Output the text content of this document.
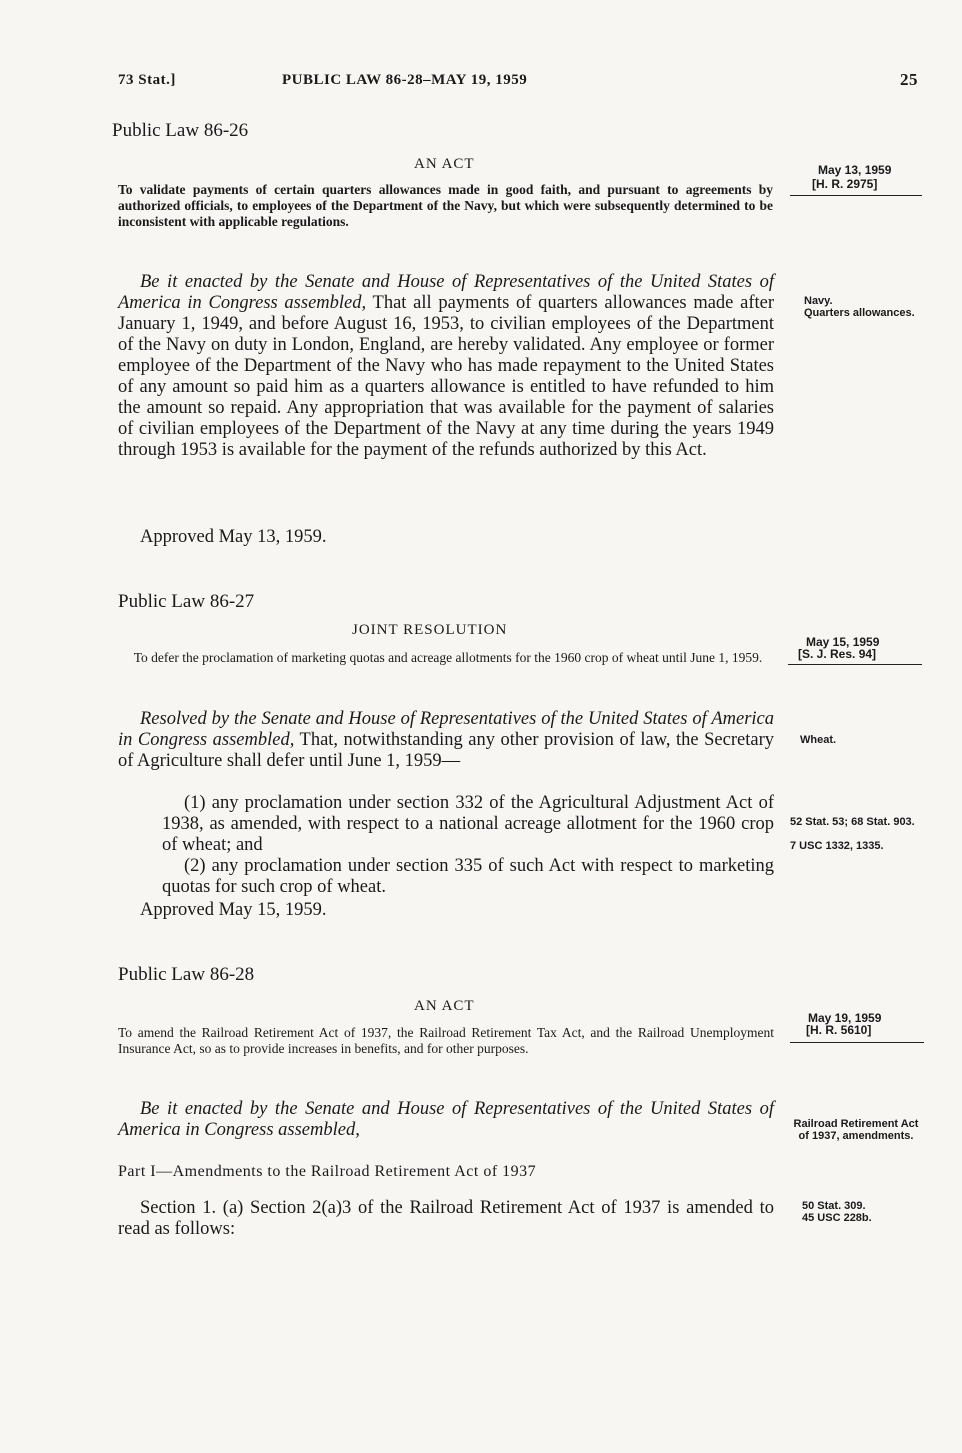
73 Stat.]	PUBLIC LAW 86-28–MAY 19, 1959	25
Public Law 86-26
AN ACT
To validate payments of certain quarters allowances made in good faith, and pursuant to agreements by authorized officials, to employees of the Department of the Navy, but which were subsequently determined to be inconsistent with applicable regulations.
May 13, 1959
[H. R. 2975]
Be it enacted by the Senate and House of Representatives of the United States of America in Congress assembled, That all payments of quarters allowances made after January 1, 1949, and before August 16, 1953, to civilian employees of the Department of the Navy on duty in London, England, are hereby validated. Any employee or former employee of the Department of the Navy who has made repayment to the United States of any amount so paid him as a quarters allowance is entitled to have refunded to him the amount so repaid. Any appropriation that was available for the payment of salaries of civilian employees of the Department of the Navy at any time during the years 1949 through 1953 is available for the payment of the refunds authorized by this Act.
Navy.
Quarters allowances.
Approved May 13, 1959.
Public Law 86-27
JOINT RESOLUTION
To defer the proclamation of marketing quotas and acreage allotments for the 1960 crop of wheat until June 1, 1959.
May 15, 1959
[S. J. Res. 94]
Resolved by the Senate and House of Representatives of the United States of America in Congress assembled, That, notwithstanding any other provision of law, the Secretary of Agriculture shall defer until June 1, 1959—
Wheat.
(1) any proclamation under section 332 of the Agricultural Adjustment Act of 1938, as amended, with respect to a national acreage allotment for the 1960 crop of wheat; and
(2) any proclamation under section 335 of such Act with respect to marketing quotas for such crop of wheat.
52 Stat. 53; 68 Stat. 903.
7 USC 1332, 1335.
Approved May 15, 1959.
Public Law 86-28
AN ACT
To amend the Railroad Retirement Act of 1937, the Railroad Retirement Tax Act, and the Railroad Unemployment Insurance Act, so as to provide increases in benefits, and for other purposes.
May 19, 1959
[H. R. 5610]
Be it enacted by the Senate and House of Representatives of the United States of America in Congress assembled,	Railroad Retirement Act of 1937, amendments.
Part I—Amendments to the Railroad Retirement Act of 1937
Section 1. (a) Section 2(a)3 of the Railroad Retirement Act of 1937 is amended to read as follows:
50 Stat. 309.
45 USC 228b.
